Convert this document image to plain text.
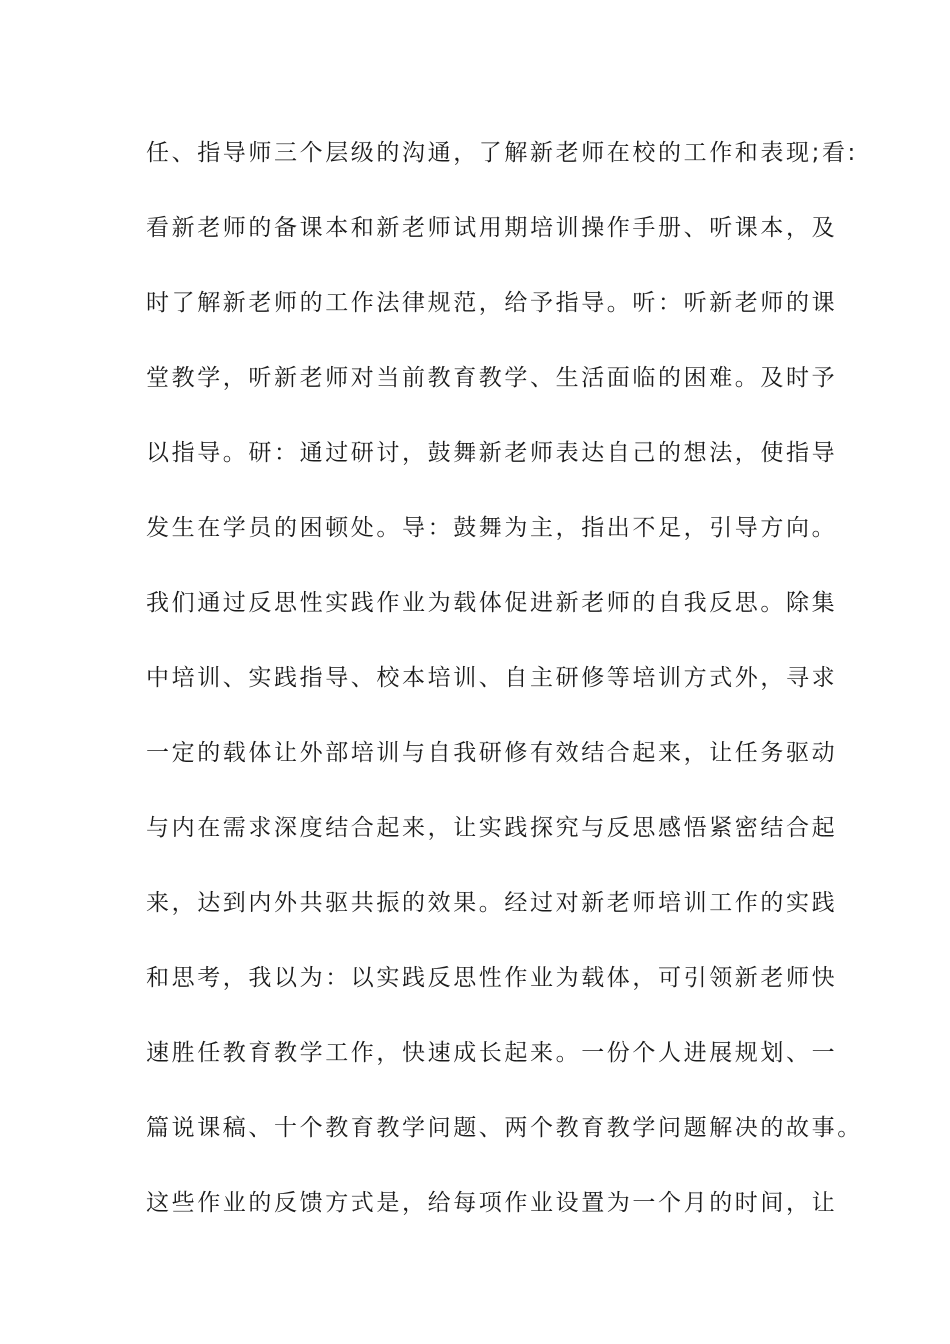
任、指导师三个层级的沟通，了解新老师在校的工作和表现;看:
看新老师的备课本和新老师试用期培训操作手册、听课本，及
时了解新老师的工作法律规范，给予指导。听：听新老师的课
堂教学，听新老师对当前教育教学、生活面临的困难。及时予
以指导。研：通过研讨，鼓舞新老师表达自己的想法，使指导
发生在学员的困顿处。导：鼓舞为主，指出不足，引导方向。
我们通过反思性实践作业为载体促进新老师的自我反思。除集
中培训、实践指导、校本培训、自主研修等培训方式外，寻求
一定的载体让外部培训与自我研修有效结合起来，让任务驱动
与内在需求深度结合起来，让实践探究与反思感悟紧密结合起
来，达到内外共驱共振的效果。经过对新老师培训工作的实践
和思考，我以为：以实践反思性作业为载体，可引领新老师快
速胜任教育教学工作，快速成长起来。一份个人进展规划、一
篇说课稿、十个教育教学问题、两个教育教学问题解决的故事。
这些作业的反馈方式是，给每项作业设置为一个月的时间，让
